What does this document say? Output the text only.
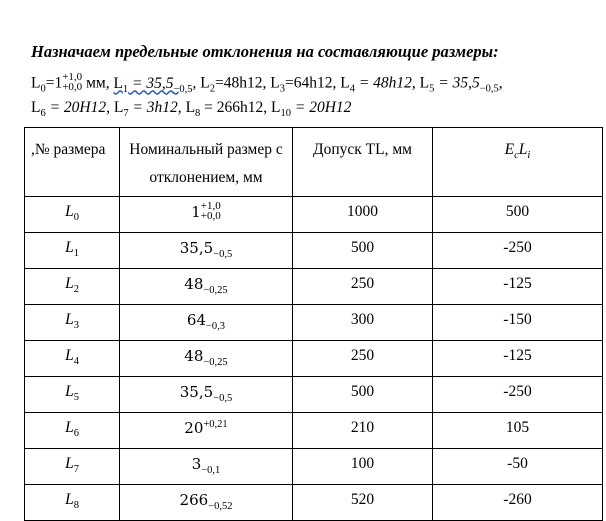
Назначаем предельные отклонения на составляющие размеры:
$L_0=1 +1,0$
+0,0 мм, $L_1 = 35,5_{-0,5}$, $L_2=48h12$, $L_3=64h12$, $L_4 = 48h12$, $L_5 = 35,5_{-0,5}$,
$L_6 = 20H12$, $L_7 = 3h12$, $L_8 = 266h12$, $L_{10} = 20H12$
,№ размера	Номинальный размер с
отклонением, мм	Допуск TL, мм	$E_cL_i$
$L_0$	1 +1,0
+0,0	1000	500
$L_1$	$35,5_{-0,5}$	500	-250
$L_2$	$48_{-0,25}$	250	-125
$L_3$	$64_{-0,3}$	300	-150
$L_4$	$48_{-0,25}$	250	-125
$L_5$	$35,5_{-0,5}$	500	-250
$L_6$	$20^{+0,21}$	210	105
$L_7$	$3_{-0,1}$	100	-50
$L_8$	$266_{-0,52}$	520	-260
